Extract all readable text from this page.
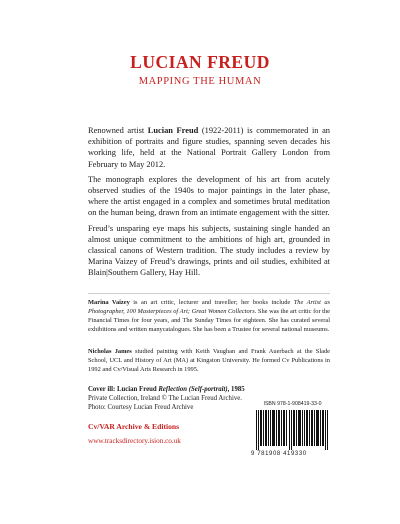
LUCIAN FREUD
MAPPING THE HUMAN

Renowned artist Lucian Freud (1922-2011) is commemorated in an exhibition of portraits and figure studies, spanning seven decades his working life, held at the National Portrait Gallery London from February to May 2012.

The monograph explores the development of his art from acutely observed studies of the 1940s to major paintings in the later phase, where the artist engaged in a complex and sometimes brutal meditation on the human being, drawn from an intimate engagement with the sitter.

Freud’s unsparing eye maps his subjects, sustaining single handed an almost unique commitment to the ambitions of high art, grounded in classical canons of Western tradition. The study includes a review by Marina Vaizey of Freud’s drawings, prints and oil studies, exhibited at Blain|Southern Gallery, Hay Hill.

Marina Vaizey is an art critic, lecturer and traveller; her books include The Artist as Photographer, 100 Masterpieces of Art; Great Women Collectors. She was the art critic for the Financial Times for four years, and The Sunday Times for eighteen. She has curated several exhibitions and written manycatalogues. She has been a Trustee for several national museums.
Nicholas James studied painting with Keith Vaughan and Frank Auerbach at the Slade School, UCL and History of Art (MA) at Kingston University. He formed Cv Publications in 1992 and Cv/Visual Arts Research in 1995.
Cover ill: Lucian Freud Reflection (Self-portrait), 1985
Private Collection, Ireland © The Lucian Freud Archive.
Photo: Courtesy Lucian Freud Archive
Cv/VAR Archive & Editions
www.tracksdirectory.ision.co.uk
ISBN 978-1-908419-33-0
9 781908 419330
